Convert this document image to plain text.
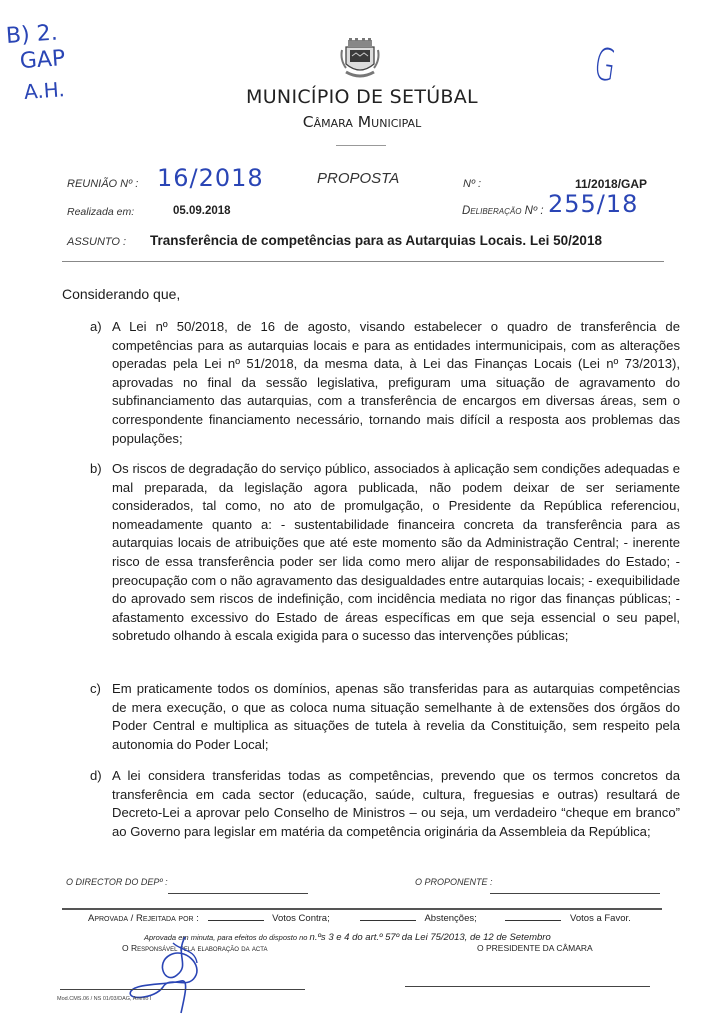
B) 2.
GAP
A.H.	G
MUNICÍPIO DE SETÚBAL
Câmara Municipal
REUNIÃO Nº : 16/2018	PROPOSTA	Nº :	11/2018/GAP
Realizada em:	05.09.2018	Deliberação Nº : 255/18
ASSUNTO : Transferência de competências para as Autarquias Locais. Lei 50/2018
Considerando que,
a) A Lei nº 50/2018, de 16 de agosto, visando estabelecer o quadro de transferência de competências para as autarquias locais e para as entidades intermunicipais, com as alterações operadas pela Lei nº 51/2018, da mesma data, à Lei das Finanças Locais (Lei nº 73/2013), aprovadas no final da sessão legislativa, prefiguram uma situação de agravamento do subfinanciamento das autarquias, com a transferência de encargos em diversas áreas, sem o correspondente financiamento necessário, tornando mais difícil a resposta aos problemas das populações;
b) Os riscos de degradação do serviço público, associados à aplicação sem condições adequadas e mal preparada, da legislação agora publicada, não podem deixar de ser seriamente considerados, tal como, no ato de promulgação, o Presidente da República referenciou, nomeadamente quanto a: - sustentabilidade financeira concreta da transferência para as autarquias locais de atribuições que até este momento são da Administração Central; - inerente risco de essa transferência poder ser lida como mero alijar de responsabilidades do Estado; - preocupação com o não agravamento das desigualdades entre autarquias locais; - exequibilidade do aprovado sem riscos de indefinição, com incidência mediata no rigor das finanças públicas; - afastamento excessivo do Estado de áreas específicas em que seja essencial o seu papel, sobretudo olhando à escala exigida para o sucesso das intervenções públicas;
c) Em praticamente todos os domínios, apenas são transferidas para as autarquias competências de mera execução, o que as coloca numa situação semelhante à de extensões dos órgãos do Poder Central e multiplica as situações de tutela à revelia da Constituição, sem respeito pela autonomia do Poder Local;
d) A lei considera transferidas todas as competências, prevendo que os termos concretos da transferência em cada sector (educação, saúde, cultura, freguesias e outras) resultará de Decreto-Lei a aprovar pelo Conselho de Ministros – ou seja, um verdadeiro “cheque em branco” ao Governo para legislar em matéria da competência originária da Assembleia da República;
O DIRECTOR DO DEPº :	O PROPONENTE :
Aprovada / Rejeitada por :	Votos Contra;	Abstenções;	Votos a Favor.
Aprovada em minuta, para efeitos do disposto no n.ºs 3 e 4 do art.º 57º da Lei 75/2013, de 12 de Setembro
O Responsável pela elaboração da acta	O PRESIDENTE DA CÂMARA
Mod.CMS.06 / NS 01/03/DAG, Anexo I
